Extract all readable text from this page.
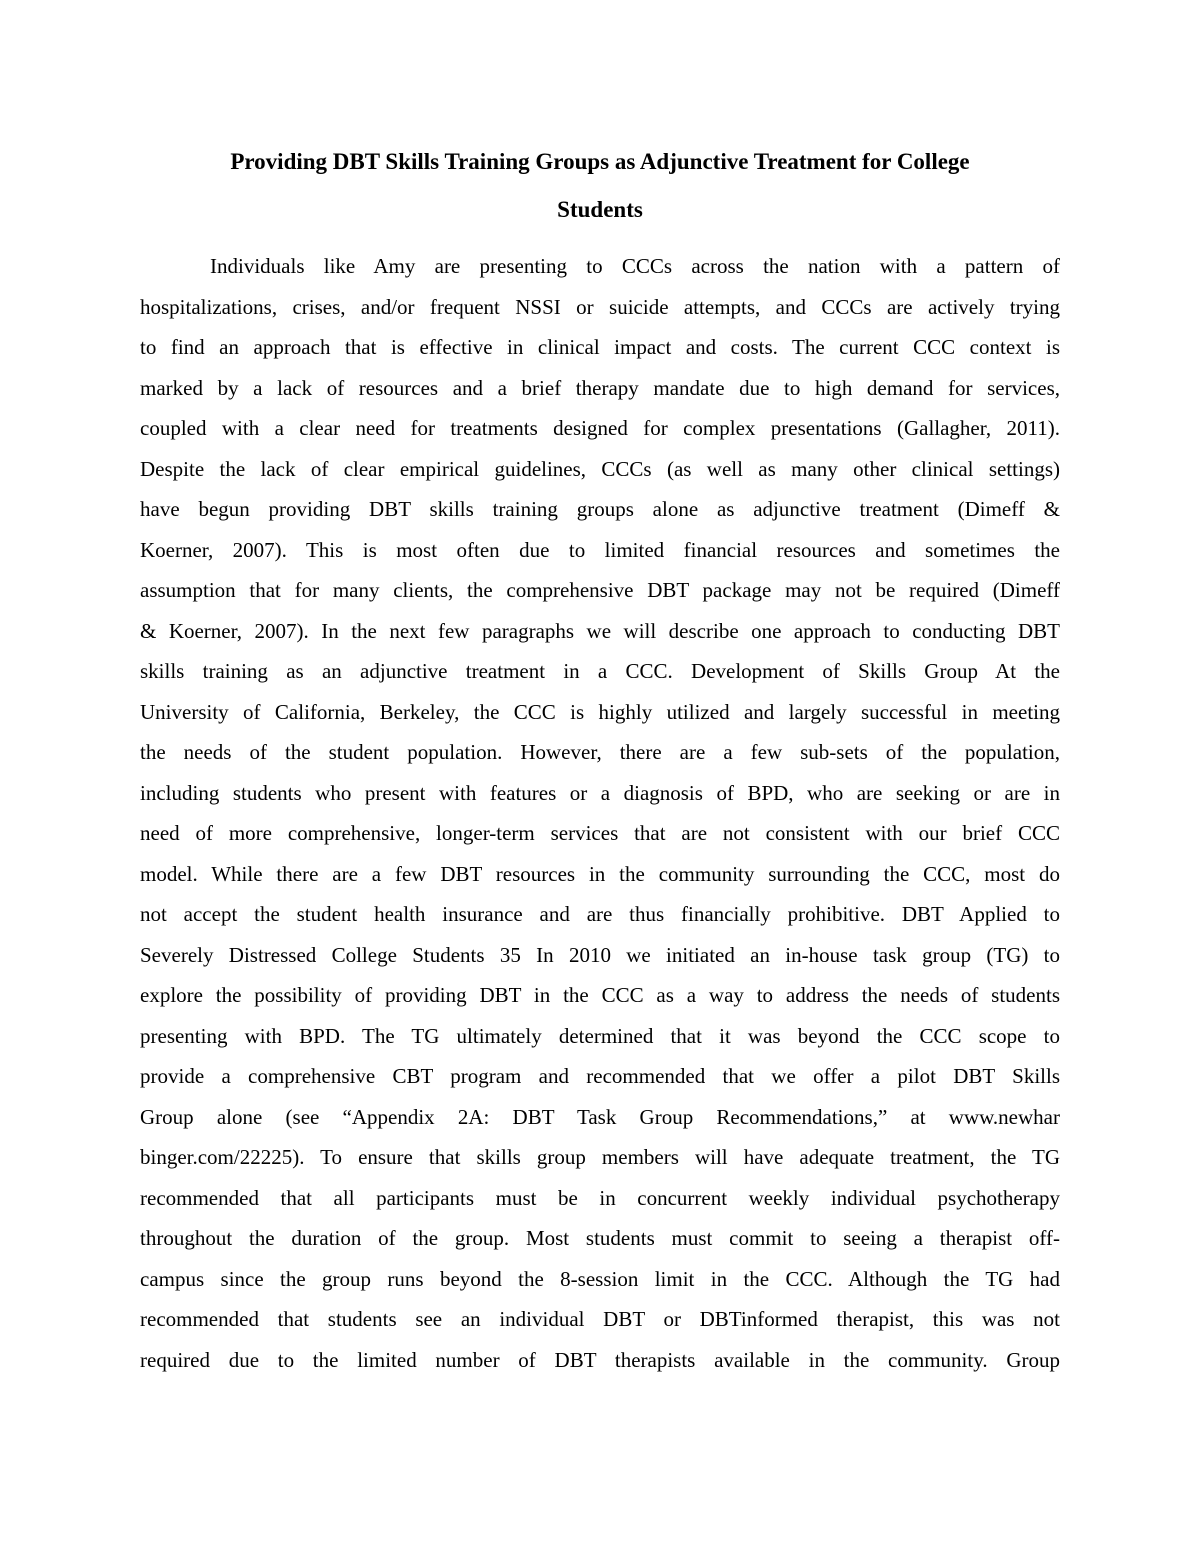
Providing DBT Skills Training Groups as Adjunctive Treatment for College
Students
Individuals like Amy are presenting to CCCs across the nation with a pattern of
hospitalizations, crises, and/or frequent NSSI or suicide attempts, and CCCs are actively trying
to find an approach that is effective in clinical impact and costs. The current CCC context is
marked by a lack of resources and a brief therapy mandate due to high demand for services,
coupled with a clear need for treatments designed for complex presentations (Gallagher, 2011).
Despite the lack of clear empirical guidelines, CCCs (as well as many other clinical settings)
have begun providing DBT skills training groups alone as adjunctive treatment (Dimeff &
Koerner, 2007). This is most often due to limited financial resources and sometimes the
assumption that for many clients, the comprehensive DBT package may not be required (Dimeff
& Koerner, 2007). In the next few paragraphs we will describe one approach to conducting DBT
skills training as an adjunctive treatment in a CCC. Development of Skills Group At the
University of California, Berkeley, the CCC is highly utilized and largely successful in meeting
the needs of the student population. However, there are a few sub-sets of the population,
including students who present with features or a diagnosis of BPD, who are seeking or are in
need of more comprehensive, longer-term services that are not consistent with our brief CCC
model. While there are a few DBT resources in the community surrounding the CCC, most do
not accept the student health insurance and are thus financially prohibitive. DBT Applied to
Severely Distressed College Students 35 In 2010 we initiated an in-house task group (TG) to
explore the possibility of providing DBT in the CCC as a way to address the needs of students
presenting with BPD. The TG ultimately determined that it was beyond the CCC scope to
provide a comprehensive CBT program and recommended that we offer a pilot DBT Skills
Group alone (see “Appendix 2A: DBT Task Group Recommendations,” at www.newhar
binger.com/22225). To ensure that skills group members will have adequate treatment, the TG
recommended that all participants must be in concurrent weekly individual psychotherapy
throughout the duration of the group. Most students must commit to seeing a therapist off-
campus since the group runs beyond the 8-session limit in the CCC. Although the TG had
recommended that students see an individual DBT or DBTinformed therapist, this was not
required due to the limited number of DBT therapists available in the community. Group
